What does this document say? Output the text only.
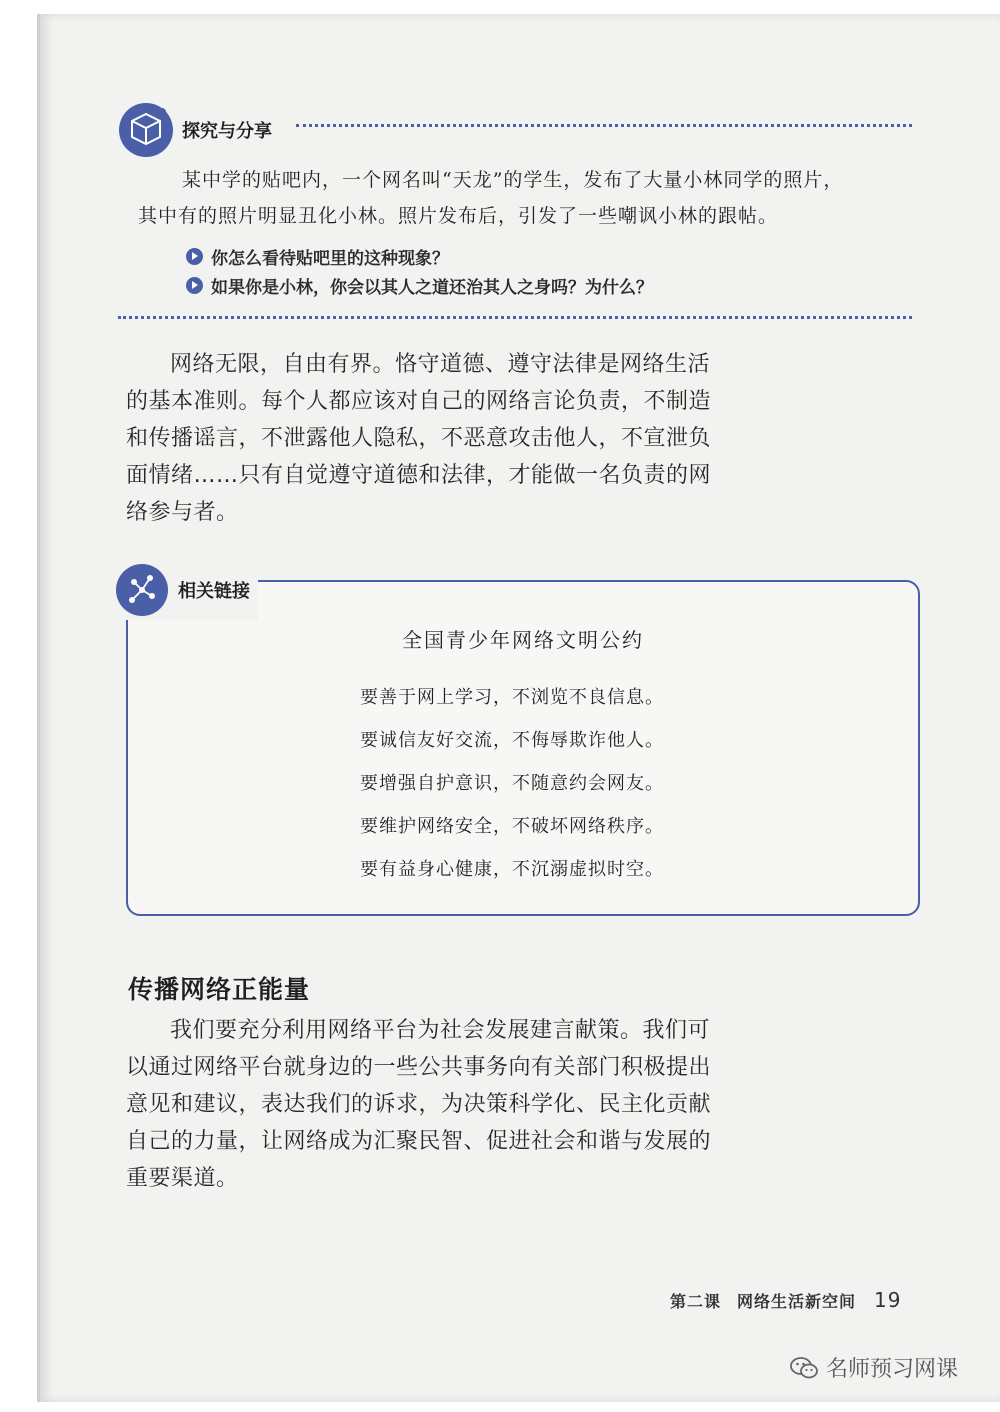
探究与分享
某中学的贴吧内，一个网名叫“天龙”的学生，发布了大量小林同学的照片，
其中有的照片明显丑化小林。照片发布后，引发了一些嘲讽小林的跟帖。
你怎么看待贴吧里的这种现象？
如果你是小林，你会以其人之道还治其人之身吗？为什么？
网络无限，自由有界。恪守道德、遵守法律是网络生活的基本准则。每个人都应该对自己的网络言论负责，不制造和传播谣言，不泄露他人隐私，不恶意攻击他人，不宣泄负面情绪……只有自觉遵守道德和法律，才能做一名负责的网络参与者。
相关链接
全国青少年网络文明公约
要善于网上学习，不浏览不良信息。
要诚信友好交流，不侮辱欺诈他人。
要增强自护意识，不随意约会网友。
要维护网络安全，不破坏网络秩序。
要有益身心健康，不沉溺虚拟时空。
传播网络正能量
我们要充分利用网络平台为社会发展建言献策。我们可以通过网络平台就身边的一些公共事务向有关部门积极提出意见和建议，表达我们的诉求，为决策科学化、民主化贡献自己的力量，让网络成为汇聚民智、促进社会和谐与发展的重要渠道。
第二课 网络生活新空间 19
名师预习网课
